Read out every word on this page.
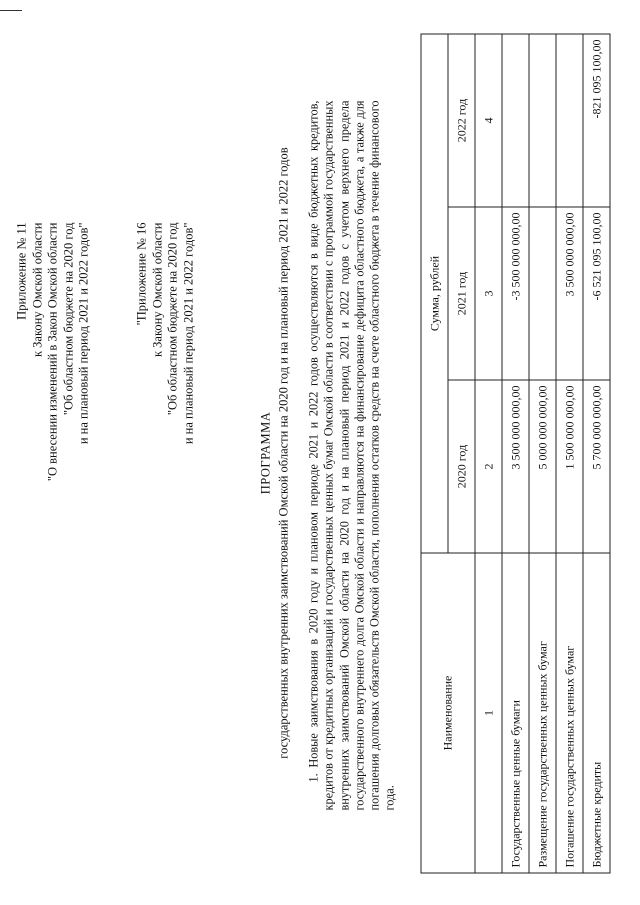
Приложение № 11 к Закону Омской области "О внесении изменений в Закон Омской области "Об областном бюджете на 2020 год и на плановый период 2021 и 2022 годов"	"Приложение № 16 к Закону Омской области "Об областном бюджете на 2020 год и на плановый период 2021 и 2022 годов"
ПРОГРАММА государственных внутренних заимствований Омской области на 2020 год и на плановый период 2021 и 2022 годов 1. Новые заимствования в 2020 году и плановом периоде 2021 и 2022 годов осуществляются в виде бюджетных кредитов, кредитов от кредитных организаций и государственных ценных бумаг Омской области в соответствии с программой государственных внутренних заимствований Омской области на 2020 год и на плановый период 2021 и 2022 годов с учетом верхнего предела государственного внутреннего долга Омской области и направляются на финансирование дефицита областного бюджета, а также для погашения долговых обязательств Омской области, пополнения остатков средств на счете областного бюджета в течение финансового года.

Наименование	Сумма, рублей		
	2020 год	2021 год	2022 год
1	2	3	4
Государственные ценные бумаги	3 500 000 000,00	-3 500 000 000,00	
Размещение государственных ценных бумаг	5 000 000 000,00		
Погашение государственных ценных бумаг	1 500 000 000,00	3 500 000 000,00	
Бюджетные кредиты	5 700 000 000,00	-6 521 095 100,00	-821 095 100,00
